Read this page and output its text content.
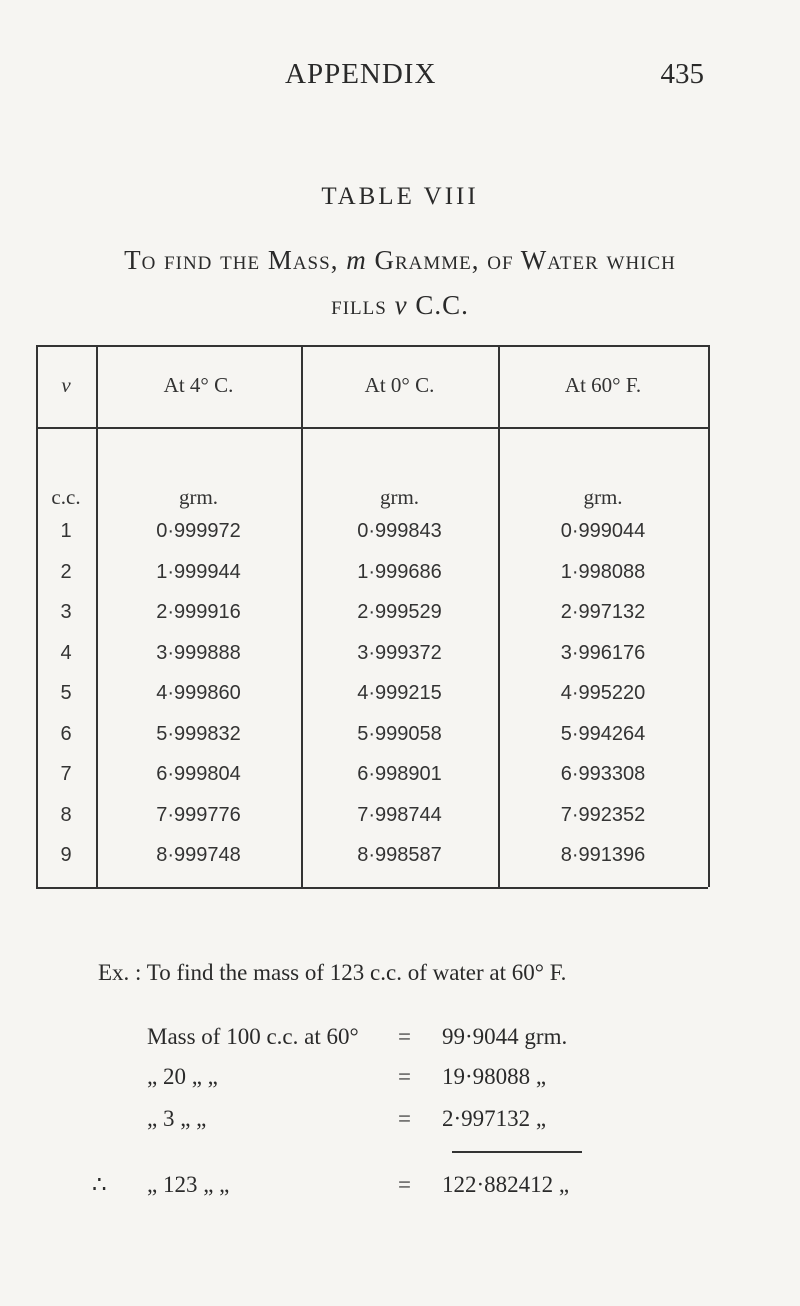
APPENDIX	435
TABLE VIII
To find the Mass, m Gramme, of Water which
fills v C.C.
v	At 4° C.	At 0° C.	At 60° F.
c.c.	grm.	grm.	grm.
1	0·999972	0·999843	0·999044
2	1·999944	1·999686	1·998088
3	2·999916	2·999529	2·997132
4	3·999888	3·999372	3·996176
5	4·999860	4·999215	4·995220
6	5·999832	5·999058	5·994264
7	6·999804	6·998901	6·993308
8	7·999776	7·998744	7·992352
9	8·999748	8·998587	8·991396
Ex. : To find the mass of 123 c.c. of water at 60° F.
Mass of 100 c.c. at 60° = 99·9044 grm.
„ 20 „ „	= 19·98088 „
„ 3 „ „	= 2·997132 „
∴ „ 123 „ „	= 122·882412 „
